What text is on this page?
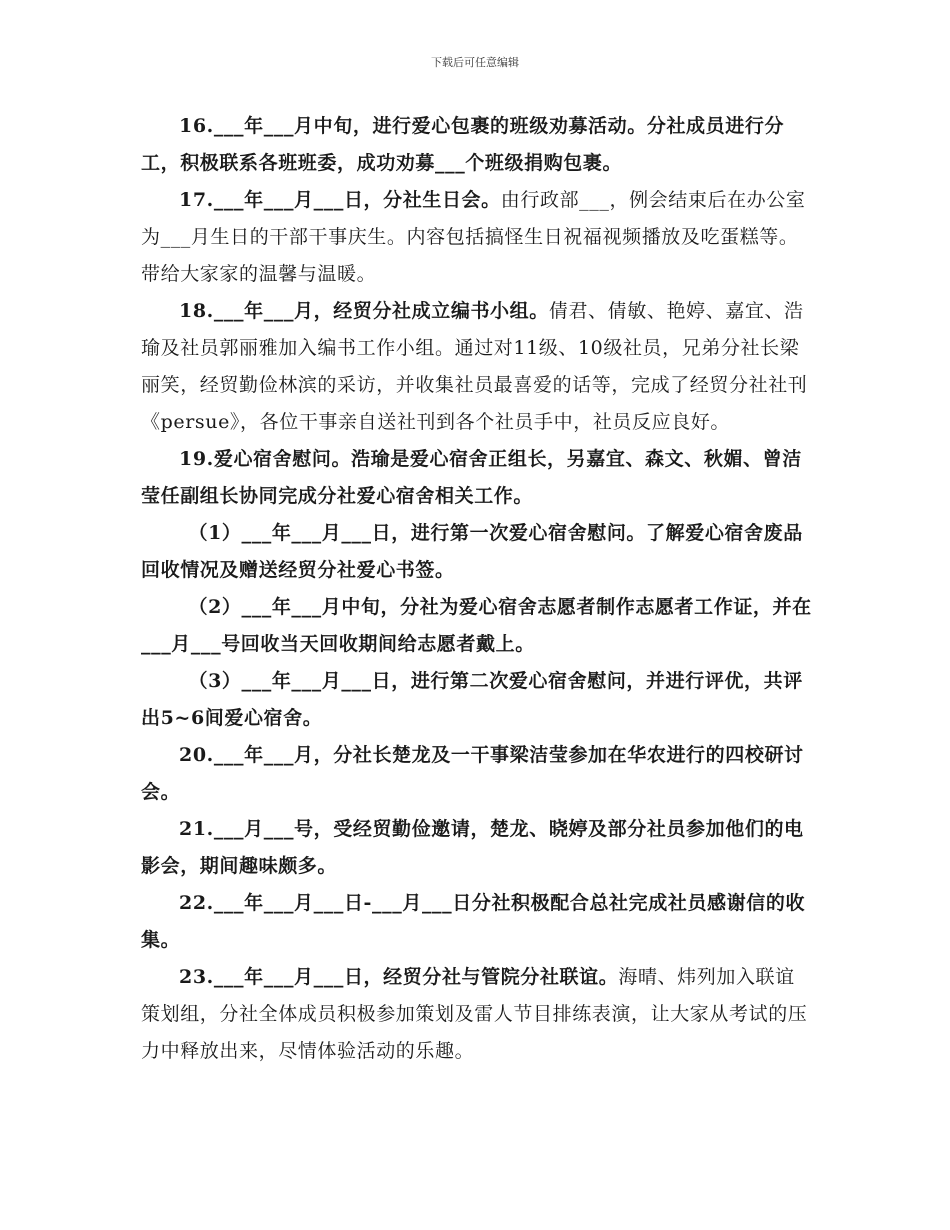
下载后可任意编辑

16.___年___月中旬，进行爱心包裹的班级劝募活动。分社成员进行分工，积极联系各班班委，成功劝募___个班级捐购包裹。

17.___年___月___日，分社生日会。由行政部___，例会结束后在办公室为___月生日的干部干事庆生。内容包括搞怪生日祝福视频播放及吃蛋糕等。带给大家家的温馨与温暖。

18.___年___月，经贸分社成立编书小组。倩君、倩敏、艳婷、嘉宜、浩瑜及社员郭丽雅加入编书工作小组。通过对11级、10级社员，兄弟分社长梁丽笑，经贸勤俭林滨的采访，并收集社员最喜爱的话等，完成了经贸分社社刊《persue》，各位干事亲自送社刊到各个社员手中，社员反应良好。

19.爱心宿舍慰问。浩瑜是爱心宿舍正组长，另嘉宜、森文、秋媚、曾洁莹任副组长协同完成分社爱心宿舍相关工作。

（1）___年___月___日，进行第一次爱心宿舍慰问。了解爱心宿舍废品回收情况及赠送经贸分社爱心书签。

（2）___年___月中旬，分社为爱心宿舍志愿者制作志愿者工作证，并在___月___号回收当天回收期间给志愿者戴上。

（3）___年___月___日，进行第二次爱心宿舍慰问，并进行评优，共评出5~6间爱心宿舍。

20.___年___月，分社长楚龙及一干事梁洁莹参加在华农进行的四校研讨会。

21.___月___号，受经贸勤俭邀请，楚龙、晓婷及部分社员参加他们的电影会，期间趣味颇多。

22.___年___月___日-___月___日分社积极配合总社完成社员感谢信的收集。

23.___年___月___日，经贸分社与管院分社联谊。海晴、炜列加入联谊策划组，分社全体成员积极参加策划及雷人节目排练表演，让大家从考试的压力中释放出来，尽情体验活动的乐趣。
